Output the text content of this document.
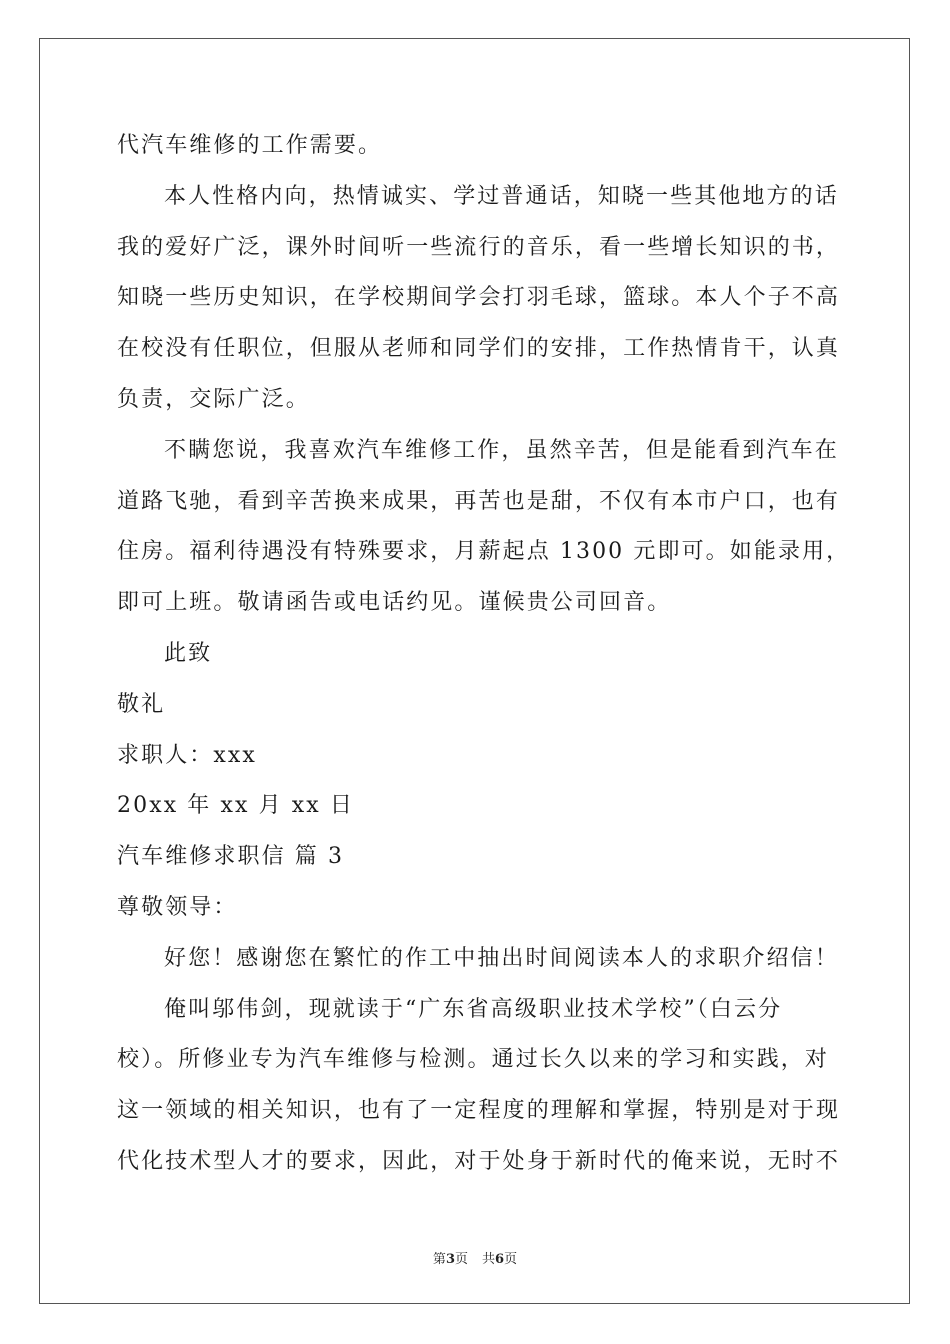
代汽车维修的工作需要。
本人性格内向，热情诚实、学过普通话，知晓一些其他地方的话
我的爱好广泛，课外时间听一些流行的音乐，看一些增长知识的书，
知晓一些历史知识，在学校期间学会打羽毛球，篮球。本人个子不高
在校没有任职位，但服从老师和同学们的安排，工作热情肯干，认真
负责，交际广泛。
不瞒您说，我喜欢汽车维修工作，虽然辛苦，但是能看到汽车在
道路飞驰，看到辛苦换来成果，再苦也是甜，不仅有本市户口，也有
住房。福利待遇没有特殊要求，月薪起点 1300 元即可。如能录用，
即可上班。敬请函告或电话约见。谨候贵公司回音。
此致
敬礼
求职人：xxx
20xx 年 xx 月 xx 日
汽车维修求职信 篇 3
尊敬领导：
好您！感谢您在繁忙的作工中抽出时间阅读本人的求职介绍信！
俺叫邬伟剑，现就读于“广东省高级职业技术学校”（白云分
校）。所修业专为汽车维修与检测。通过长久以来的学习和实践，对
这一领域的相关知识，也有了一定程度的理解和掌握，特别是对于现
代化技术型人才的要求，因此，对于处身于新时代的俺来说，无时不
第3页 共6页
